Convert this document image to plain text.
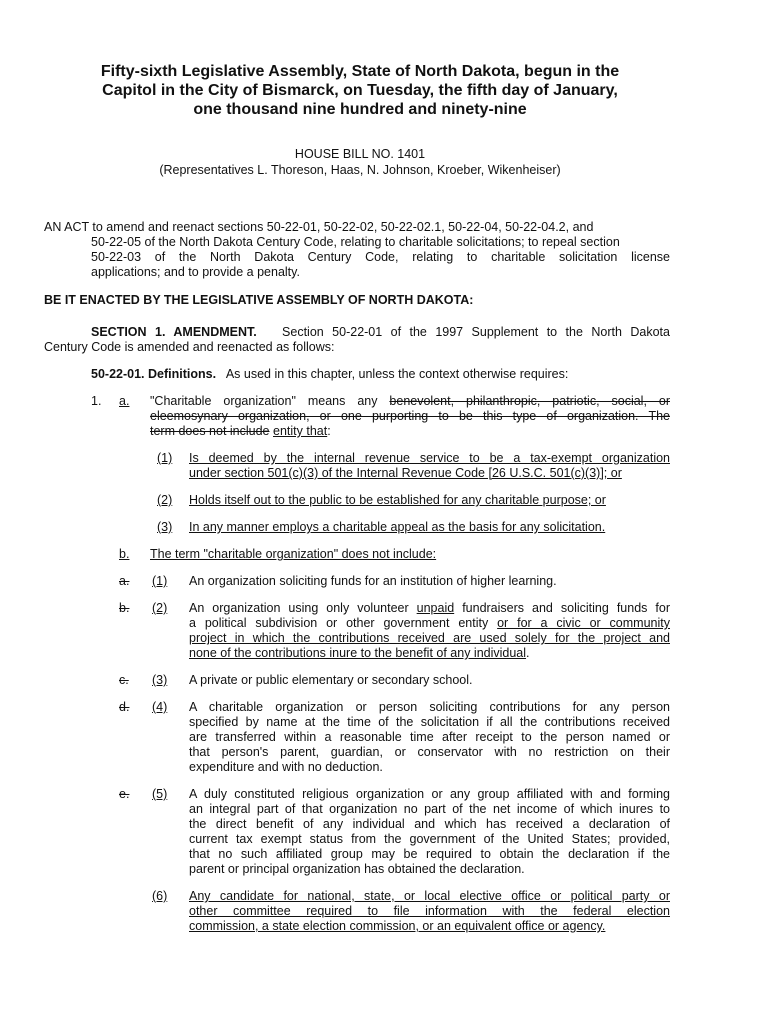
Fifty-sixth Legislative Assembly, State of North Dakota, begun in the
Capitol in the City of Bismarck, on Tuesday, the fifth day of January,
one thousand nine hundred and ninety-nine
HOUSE BILL NO. 1401
(Representatives L. Thoreson, Haas, N. Johnson, Kroeber, Wikenheiser)
AN ACT to amend and reenact sections 50-22-01, 50-22-02, 50-22-02.1, 50-22-04, 50-22-04.2, and
50-22-05 of the North Dakota Century Code, relating to charitable solicitations; to repeal section
50-22-03 of the North Dakota Century Code, relating to charitable solicitation license
applications; and to provide a penalty.
BE IT ENACTED BY THE LEGISLATIVE ASSEMBLY OF NORTH DAKOTA:
SECTION 1. AMENDMENT. Section 50-22-01 of the 1997 Supplement to the North Dakota
Century Code is amended and reenacted as follows:
50-22-01. Definitions. As used in this chapter, unless the context otherwise requires:
1. a. "Charitable organization" means any benevolent, philanthropic, patriotic, social, or
eleemosynary organization, or one purporting to be this type of organization. The
term does not include entity that:
(1) Is deemed by the internal revenue service to be a tax-exempt organization
under section 501(c)(3) of the Internal Revenue Code [26 U.S.C. 501(c)(3)]; or
(2) Holds itself out to the public to be established for any charitable purpose; or
(3) In any manner employs a charitable appeal as the basis for any solicitation.
b. The term "charitable organization" does not include:
a. (1) An organization soliciting funds for an institution of higher learning.
b. (2) An organization using only volunteer unpaid fundraisers and soliciting funds for
a political subdivision or other government entity or for a civic or community
project in which the contributions received are used solely for the project and
none of the contributions inure to the benefit of any individual.
c. (3) A private or public elementary or secondary school.
d. (4) A charitable organization or person soliciting contributions for any person
specified by name at the time of the solicitation if all the contributions received
are transferred within a reasonable time after receipt to the person named or
that person's parent, guardian, or conservator with no restriction on their
expenditure and with no deduction.
e. (5) A duly constituted religious organization or any group affiliated with and forming
an integral part of that organization no part of the net income of which inures to
the direct benefit of any individual and which has received a declaration of
current tax exempt status from the government of the United States; provided,
that no such affiliated group may be required to obtain the declaration if the
parent or principal organization has obtained the declaration.
(6) Any candidate for national, state, or local elective office or political party or
other committee required to file information with the federal election
commission, a state election commission, or an equivalent office or agency.
